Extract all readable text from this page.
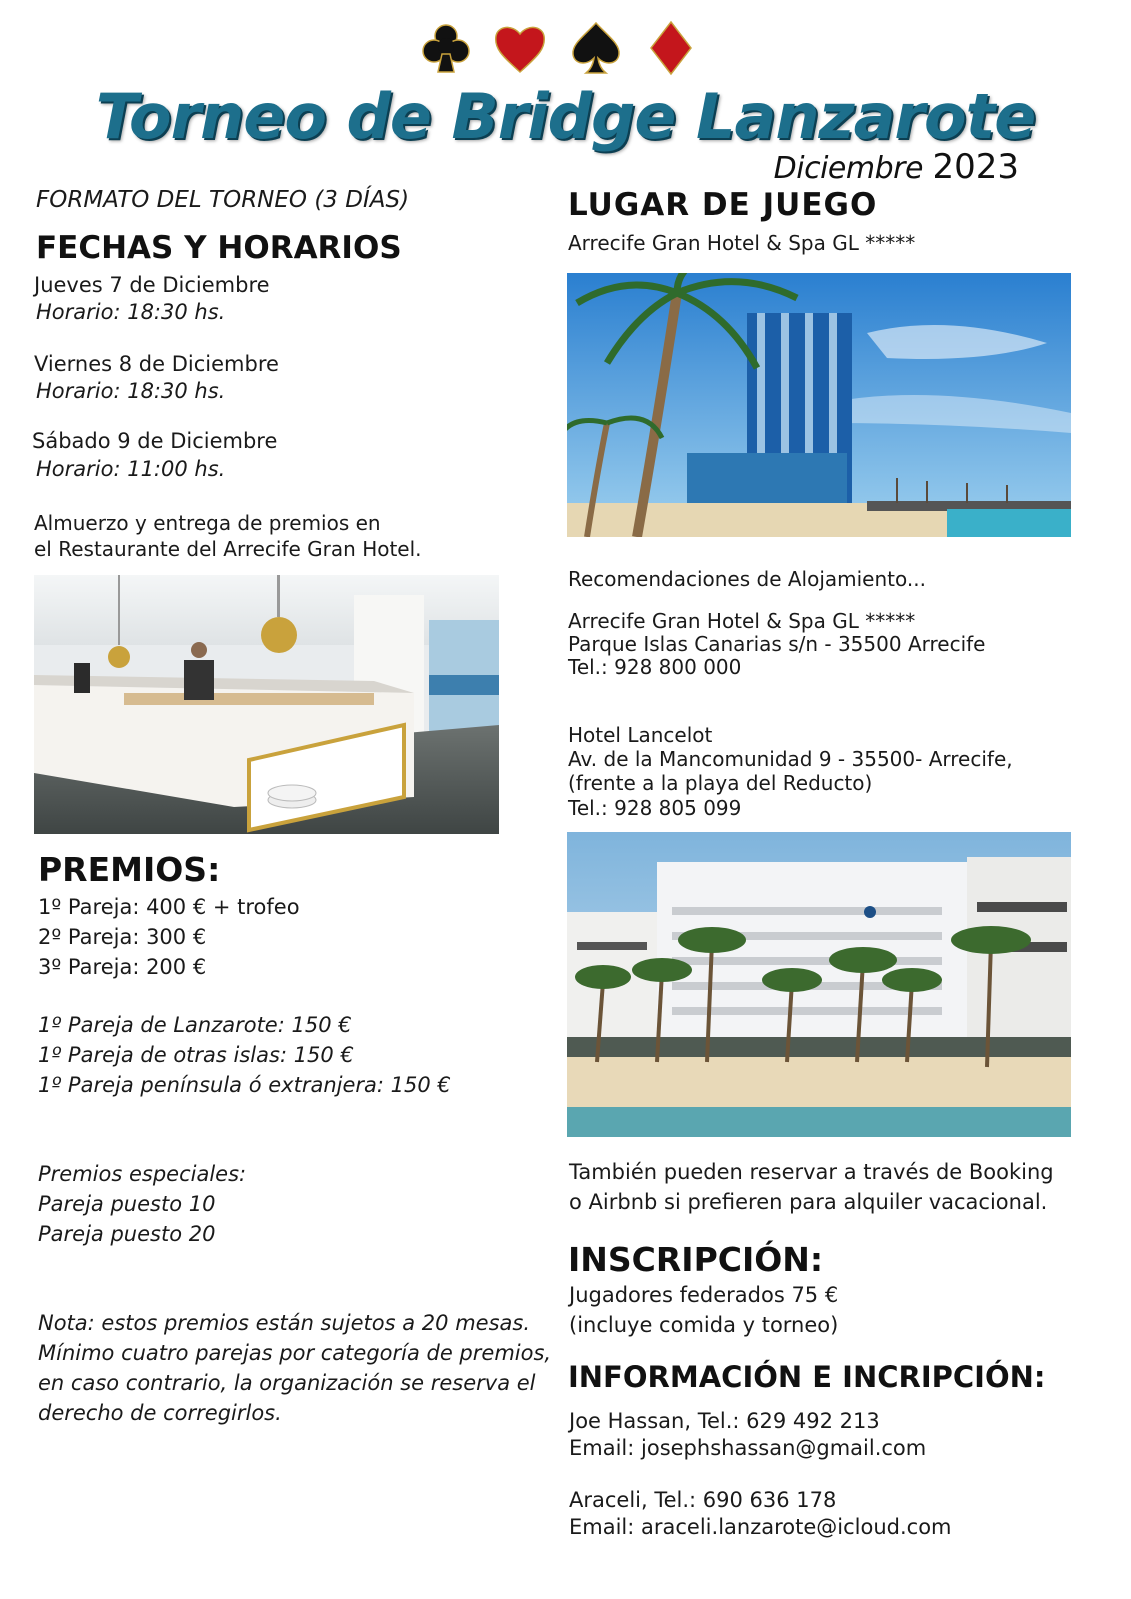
Torneo de Bridge Lanzarote
Diciembre 2023
FORMATO DEL TORNEO (3 DÍAS)
FECHAS Y HORARIOS
Jueves 7 de Diciembre
Horario: 18:30 hs.
Viernes 8 de Diciembre
Horario: 18:30 hs.
Sábado 9 de Diciembre
Horario: 11:00 hs.
Almuerzo y entrega de premios en
el Restaurante del Arrecife Gran Hotel.
PREMIOS:
1º Pareja: 400 € + trofeo
2º Pareja: 300 €
3º Pareja: 200 €
1º Pareja de Lanzarote: 150 €
1º Pareja de otras islas: 150 €
1º Pareja península ó extranjera: 150 €
Premios especiales:
Pareja puesto 10
Pareja puesto 20
Nota: estos premios están sujetos a 20 mesas.
Mínimo cuatro parejas por categoría de premios,
en caso contrario, la organización se reserva el
derecho de corregirlos.
LUGAR DE JUEGO
Arrecife Gran Hotel & Spa GL *****
Recomendaciones de Alojamiento...
Arrecife Gran Hotel & Spa GL *****
Parque Islas Canarias s/n - 35500 Arrecife
Tel.: 928 800 000
Hotel Lancelot
Av. de la Mancomunidad 9 - 35500- Arrecife,
(frente a la playa del Reducto)
Tel.: 928 805 099
También pueden reservar a través de Booking
o Airbnb si prefieren para alquiler vacacional.
INSCRIPCIÓN:
Jugadores federados 75 €
(incluye comida y torneo)
INFORMACIÓN E INCRIPCIÓN:
Joe Hassan, Tel.: 629 492 213
Email: josephshassan@gmail.com
Araceli, Tel.: 690 636 178
Email: araceli.lanzarote@icloud.com
